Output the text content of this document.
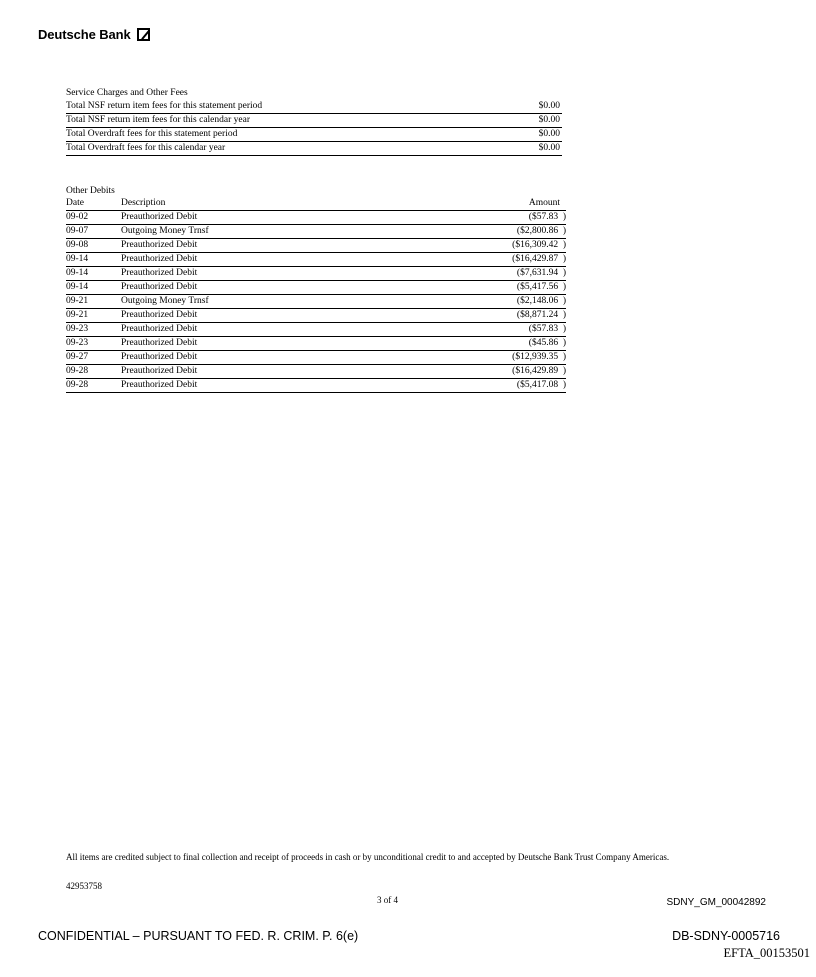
Deutsche Bank
Service Charges and Other Fees
Total NSF return item fees for this statement period	$0.00
Total NSF return item fees for this calendar year	$0.00
Total Overdraft fees for this statement period	$0.00
Total Overdraft fees for this calendar year	$0.00
Other Debits
Date	Description	Amount
09-02	Preauthorized Debit	($57.83  )
09-07	Outgoing Money Trnsf	($2,800.86  )
09-08	Preauthorized Debit	($16,309.42  )
09-14	Preauthorized Debit	($16,429.87  )
09-14	Preauthorized Debit	($7,631.94  )
09-14	Preauthorized Debit	($5,417.56  )
09-21	Outgoing Money Trnsf	($2,148.06  )
09-21	Preauthorized Debit	($8,871.24  )
09-23	Preauthorized Debit	($57.83  )
09-23	Preauthorized Debit	($45.86  )
09-27	Preauthorized Debit	($12,939.35  )
09-28	Preauthorized Debit	($16,429.89  )
09-28	Preauthorized Debit	($5,417.08  )
All items are credited subject to final collection and receipt of proceeds in cash or by unconditional credit to and accepted by Deutsche Bank Trust Company Americas.
42953758
3 of 4	SDNY_GM_00042892
CONFIDENTIAL – PURSUANT TO FED. R. CRIM. P. 6(e)	DB-SDNY-0005716
EFTA_00153501
